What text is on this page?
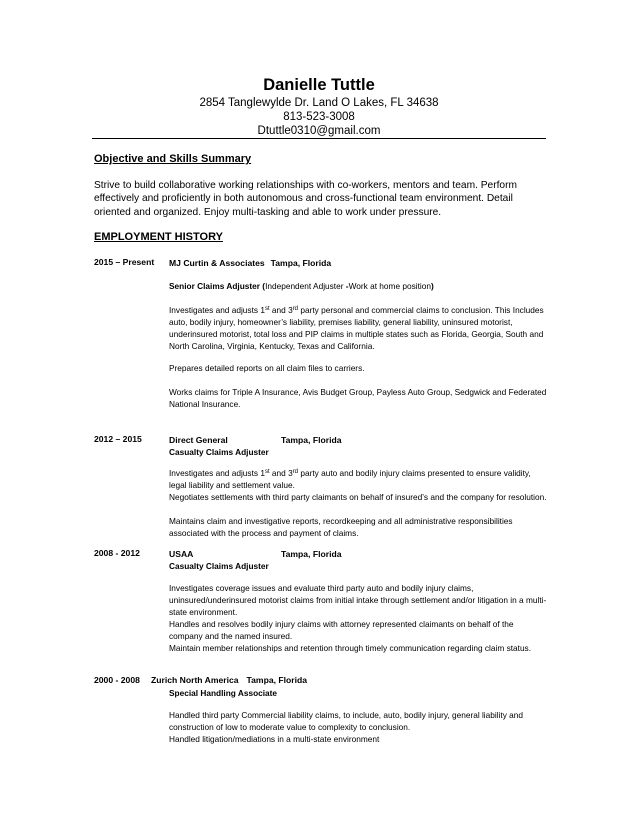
Danielle Tuttle
2854 Tanglewylde Dr. Land O Lakes, FL 34638
813-523-3008
Dtuttle0310@gmail.com
Objective and Skills Summary
Strive to build collaborative working relationships with co-workers, mentors and team. Perform effectively and proficiently in both autonomous and cross-functional team environment. Detail oriented and organized. Enjoy multi-tasking and able to work under pressure.
EMPLOYMENT HISTORY
2015 – Present MJ Curtin & Associates Tampa, Florida
Senior Claims Adjuster (Independent Adjuster -Work at home position)
Investigates and adjusts 1st and 3rd party personal and commercial claims to conclusion. This Includes auto, bodily injury, homeowner’s liability, premises liability, general liability, uninsured motorist, underinsured motorist, total loss and PIP claims in multiple states such as Florida, Georgia, South and North Carolina, Virginia, Kentucky, Texas and California.
Prepares detailed reports on all claim files to carriers.
Works claims for Triple A Insurance, Avis Budget Group, Payless Auto Group, Sedgwick and Federated National Insurance.
2012 – 2015	Direct General	Tampa, Florida
Casualty Claims Adjuster
Investigates and adjusts 1st and 3rd party auto and bodily injury claims presented to ensure validity, legal liability and settlement value.
Negotiates settlements with third party claimants on behalf of insured’s and the company for resolution.
Maintains claim and investigative reports, recordkeeping and all administrative responsibilities associated with the process and payment of claims.
2008 - 2012	USAA	Tampa, Florida
Casualty Claims Adjuster
Investigates coverage issues and evaluate third party auto and bodily injury claims, uninsured/underinsured motorist claims from initial intake through settlement and/or litigation in a multi-state environment.
Handles and resolves bodily injury claims with attorney represented claimants on behalf of the company and the named insured.
Maintain member relationships and retention through timely communication regarding claim status.
2000 - 2008 Zurich North America Tampa, Florida
Special Handling Associate
Handled third party Commercial liability claims, to include, auto, bodily injury, general liability and construction of low to moderate value to complexity to conclusion.
Handled litigation/mediations in a multi-state environment
